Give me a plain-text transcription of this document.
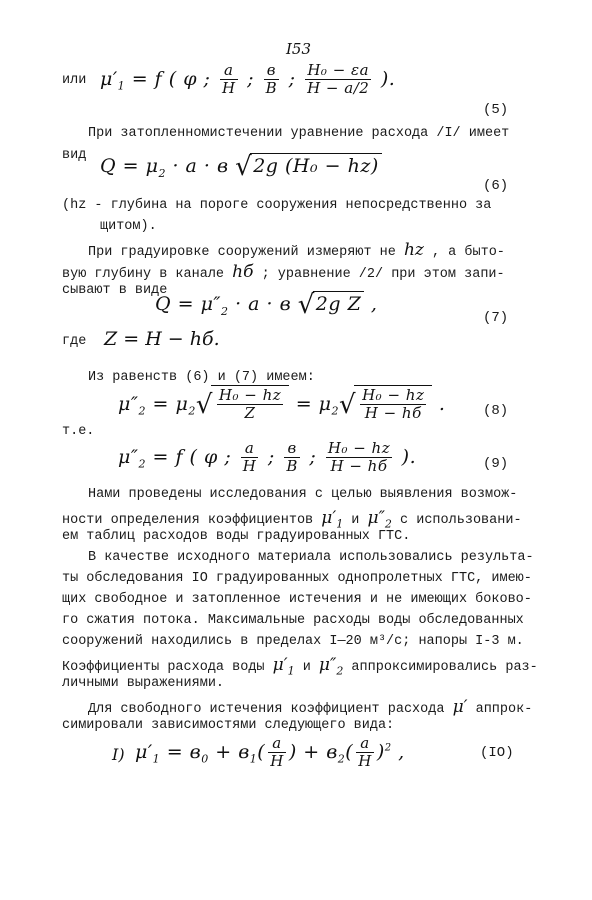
I53
или $\mu'_1 = f$ ( φ ; $\frac{a}{H}$ ; $\frac{в}{B}$ ; $\frac{\text{H₀ − εa}}{H - a/2}$ ).
(5)
При затопленномистечении уравнение расхода /I/ имеет
вид $Q = \mu_2 \cdot a \cdot в$ √2g (H₀ − hz)
(6)
(hz - глубина на пороге сооружения непосредственно за
щитом).
При градуировке сооружений измеряют не hz , а быто-
вую глубину в канале hб ; уравнение /2/ при этом запи-
сывают в виде
$Q = \mu''_2 \cdot a \cdot в$ √2g Z ,
(7)
где Z = H − hб.
Из равенств (6) и (7) имеем:
$\mu''_2 = \mu_2√ \frac{\text{H₀ − hz}}{Z} = \mu_2√ \frac{\text{H₀ − hz}}{H - hб}$ .
т.е.
(8)
$\mu''_2 = f$ ( φ ; $\frac{a}{H}$ ; $\frac{в}{B}$ ; $\frac{\text{H₀ − hz}}{H - hб}$ ).	(9)
Нами проведены исследования с целью выявления возмож-
ности определения коэффициентов $\mu'_1$ и $\mu''_2$ с использовани-
ем таблиц расходов воды градуированных ГТС.
В качестве исходного материала использовались результа-
ты обследования IO градуированных однопролетных ГТС, имею-
щих свободное и затопленное истечения и не имеющих боково-
го сжатия потока. Максимальные расходы воды обследованных
сооружений находились в пределах I—20 м³/с; напоры I-3 м.
Коэффициенты расхода воды $\mu'_1$ и $\mu''_2$ аппроксимировались раз-
личными выражениями.
Для свободного истечения коэффициент расхода μ′ аппрок-
симировали зависимостями следующего вида:
I) $\mu'_1 = в_0 + в_1( \frac{a}{H}$ ) + $в_2( \frac{a}{H} )^2$ ,	(IO)
